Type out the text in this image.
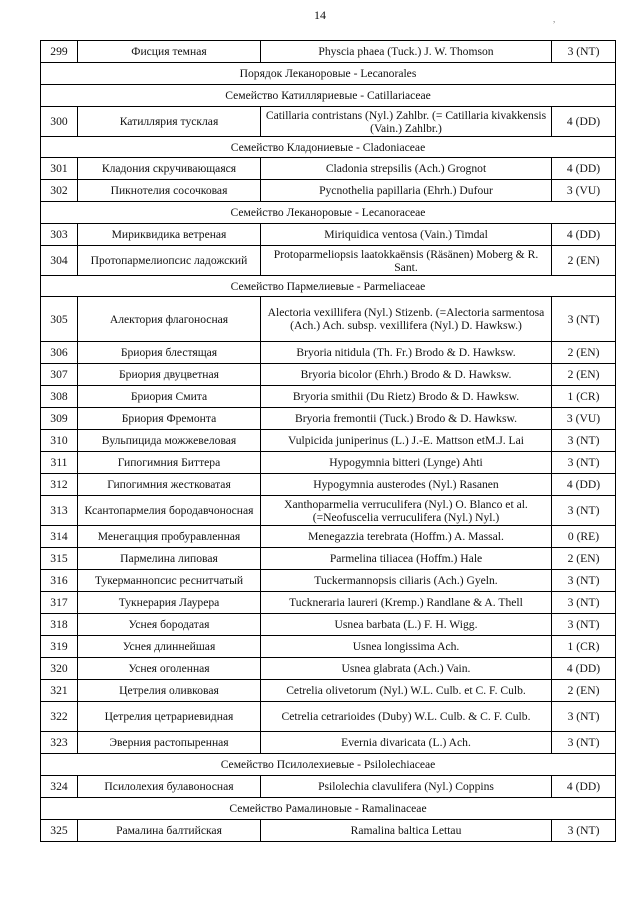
14	,
299	Фисция темная	Physcia phaea (Tuck.) J. W. Thomson	3 (NT)
Порядок Леканоровые - Lecanorales			
Семейство Катилляриевые - Catillariaceae			
300	Катиллярия тусклая	Catillaria contristans (Nyl.) Zahlbr. (= Catillaria kivakkensis (Vain.) Zahlbr.)	4 (DD)
Семейство Кладониевые - Cladoniaceae			
301	Кладония скручивающаяся	Cladonia strepsilis (Ach.) Grognot	4 (DD)
302	Пикнотелия сосочковая	Pycnothelia papillaria (Ehrh.) Dufour	3 (VU)
Семейство Леканоровые - Lecanoraceae			
303	Мириквидика ветреная	Miriquidica ventosa (Vain.) Timdal	4 (DD)
304	Протопармелиопсис ладожский	Protoparmeliopsis laatokkaënsis (Räsänen) Moberg & R. Sant.	2 (EN)
Семейство Пармелиевые - Parmeliaceae			
305	Алектория флагоносная	Alectoria vexillifera (Nyl.) Stizenb. (=Alectoria sarmentosa (Ach.) Ach. subsp. vexillifera (Nyl.) D. Hawksw.)	3 (NT)
306	Бриория блестящая	Bryoria nitidula (Th. Fr.) Brodo & D. Hawksw.	2 (EN)
307	Бриория двуцветная	Bryoria bicolor (Ehrh.) Brodo & D. Hawksw.	2 (EN)
308	Бриория Смита	Bryoria smithii (Du Rietz) Brodo & D. Hawksw.	1 (CR)
309	Бриория Фремонта	Bryoria fremontii (Tuck.) Brodo & D. Hawksw.	3 (VU)
310	Вульпицида можжевеловая	Vulpicida juniperinus (L.) J.-E. Mattson etM.J. Lai	3 (NT)
311	Гипогимния Биттера	Hypogymnia bitteri (Lynge) Ahti	3 (NT)
312	Гипогимния жестковатая	Hypogymnia austerodes (Nyl.) Rasanen	4 (DD)
313	Ксантопармелия бородавчоноcная	Xanthoparmelia verruculifera (Nyl.) O. Blanco et al. (=Neofuscelia verruculifera (Nyl.) Nyl.)	3 (NT)
314	Менегацция пробуравленная	Menegazzia terebrata (Hoffm.) A. Massal.	0 (RE)
315	Пармелина липовая	Parmelina tiliacea (Hoffm.) Hale	2 (EN)
316	Тукерманнопсис реснитчатый	Tuckermannopsis ciliaris (Ach.) Gyeln.	3 (NT)
317	Тукнерария Лаурера	Tuckneraria laureri (Kremp.) Randlane & A. Thell	3 (NT)
318	Уснея бородатая	Usnea barbata (L.) F. H. Wigg.	3 (NT)
319	Уснея длиннейшая	Usnea longissima Ach.	1 (CR)
320	Уснея оголенная	Usnea glabrata (Ach.) Vain.	4 (DD)
321	Цетрелия оливковая	Cetrelia olivetorum (Nyl.) W.L. Culb. et C. F. Culb.	2 (EN)
322	Цетрелия цетрариевидная	Cetrelia cetrarioides (Duby) W.L. Culb. & C. F. Culb.	3 (NT)
323	Эверния растопыренная	Evernia divaricata (L.) Ach.	3 (NT)
Семейство Псилолехиевые - Psilolechiaceae			
324	Псилолехия булавоносная	Psilolechia clavulifera (Nyl.) Coppins	4 (DD)
Семейство Рамалиновые - Ramalinaceae			
325	Рамалина балтийская	Ramalina baltica Lettau	3 (NT)
